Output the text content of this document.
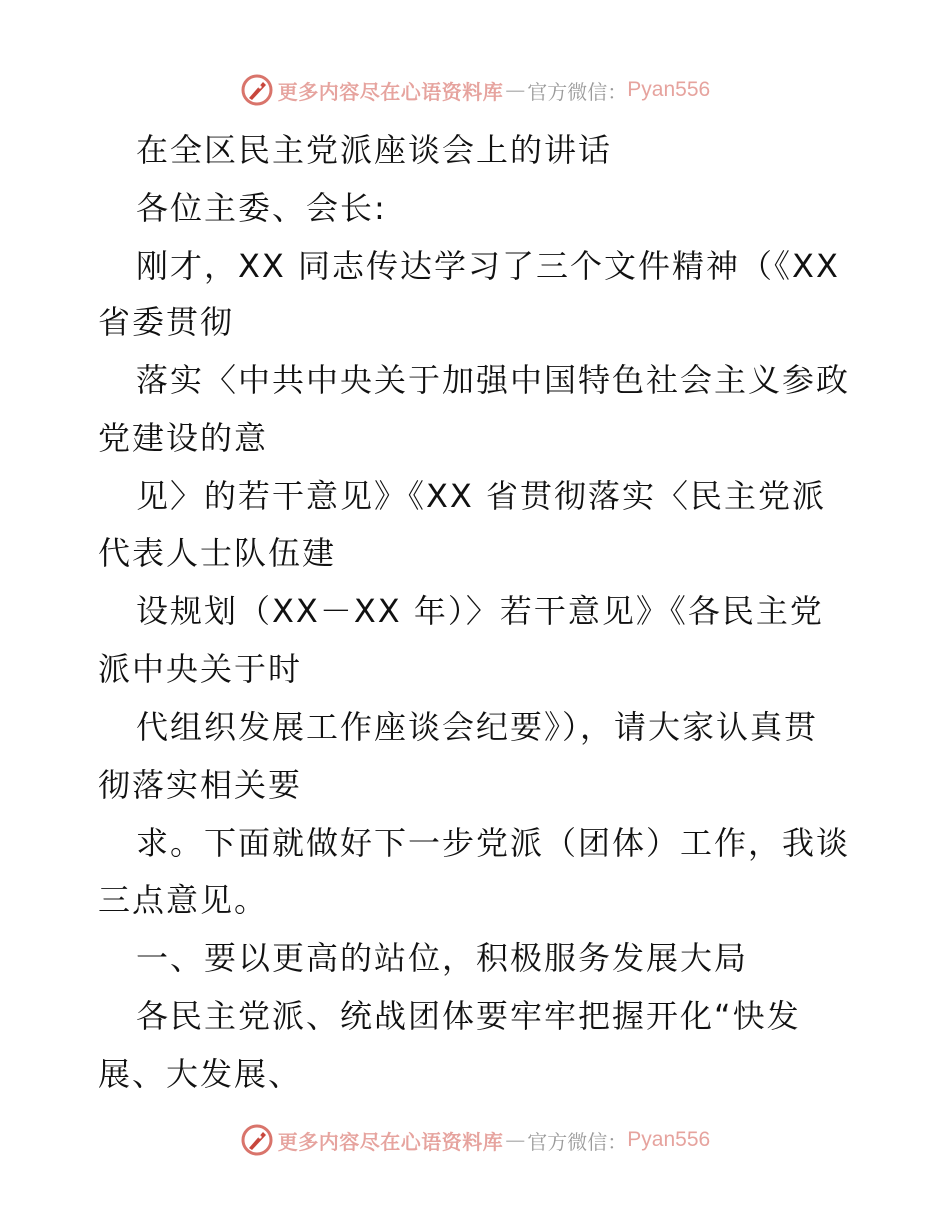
更多内容尽在心语资料库 — 官方微信： Pyan556
在全区民主党派座谈会上的讲话
各位主委、会长:
刚才，XX 同志传达学习了三个文件精神（《XX
省委贯彻
落实〈中共中央关于加强中国特色社会主义参政
党建设的意
见〉的若干意见》《XX 省贯彻落实〈民主党派
代表人士队伍建
设规划（XX－XX 年）〉若干意见》《各民主党
派中央关于时
代组织发展工作座谈会纪要》），请大家认真贯
彻落实相关要
求。下面就做好下一步党派（团体）工作，我谈
三点意见。
一、要以更高的站位，积极服务发展大局
各民主党派、统战团体要牢牢把握开化“快发
展、大发展、
更多内容尽在心语资料库 — 官方微信： Pyan556
